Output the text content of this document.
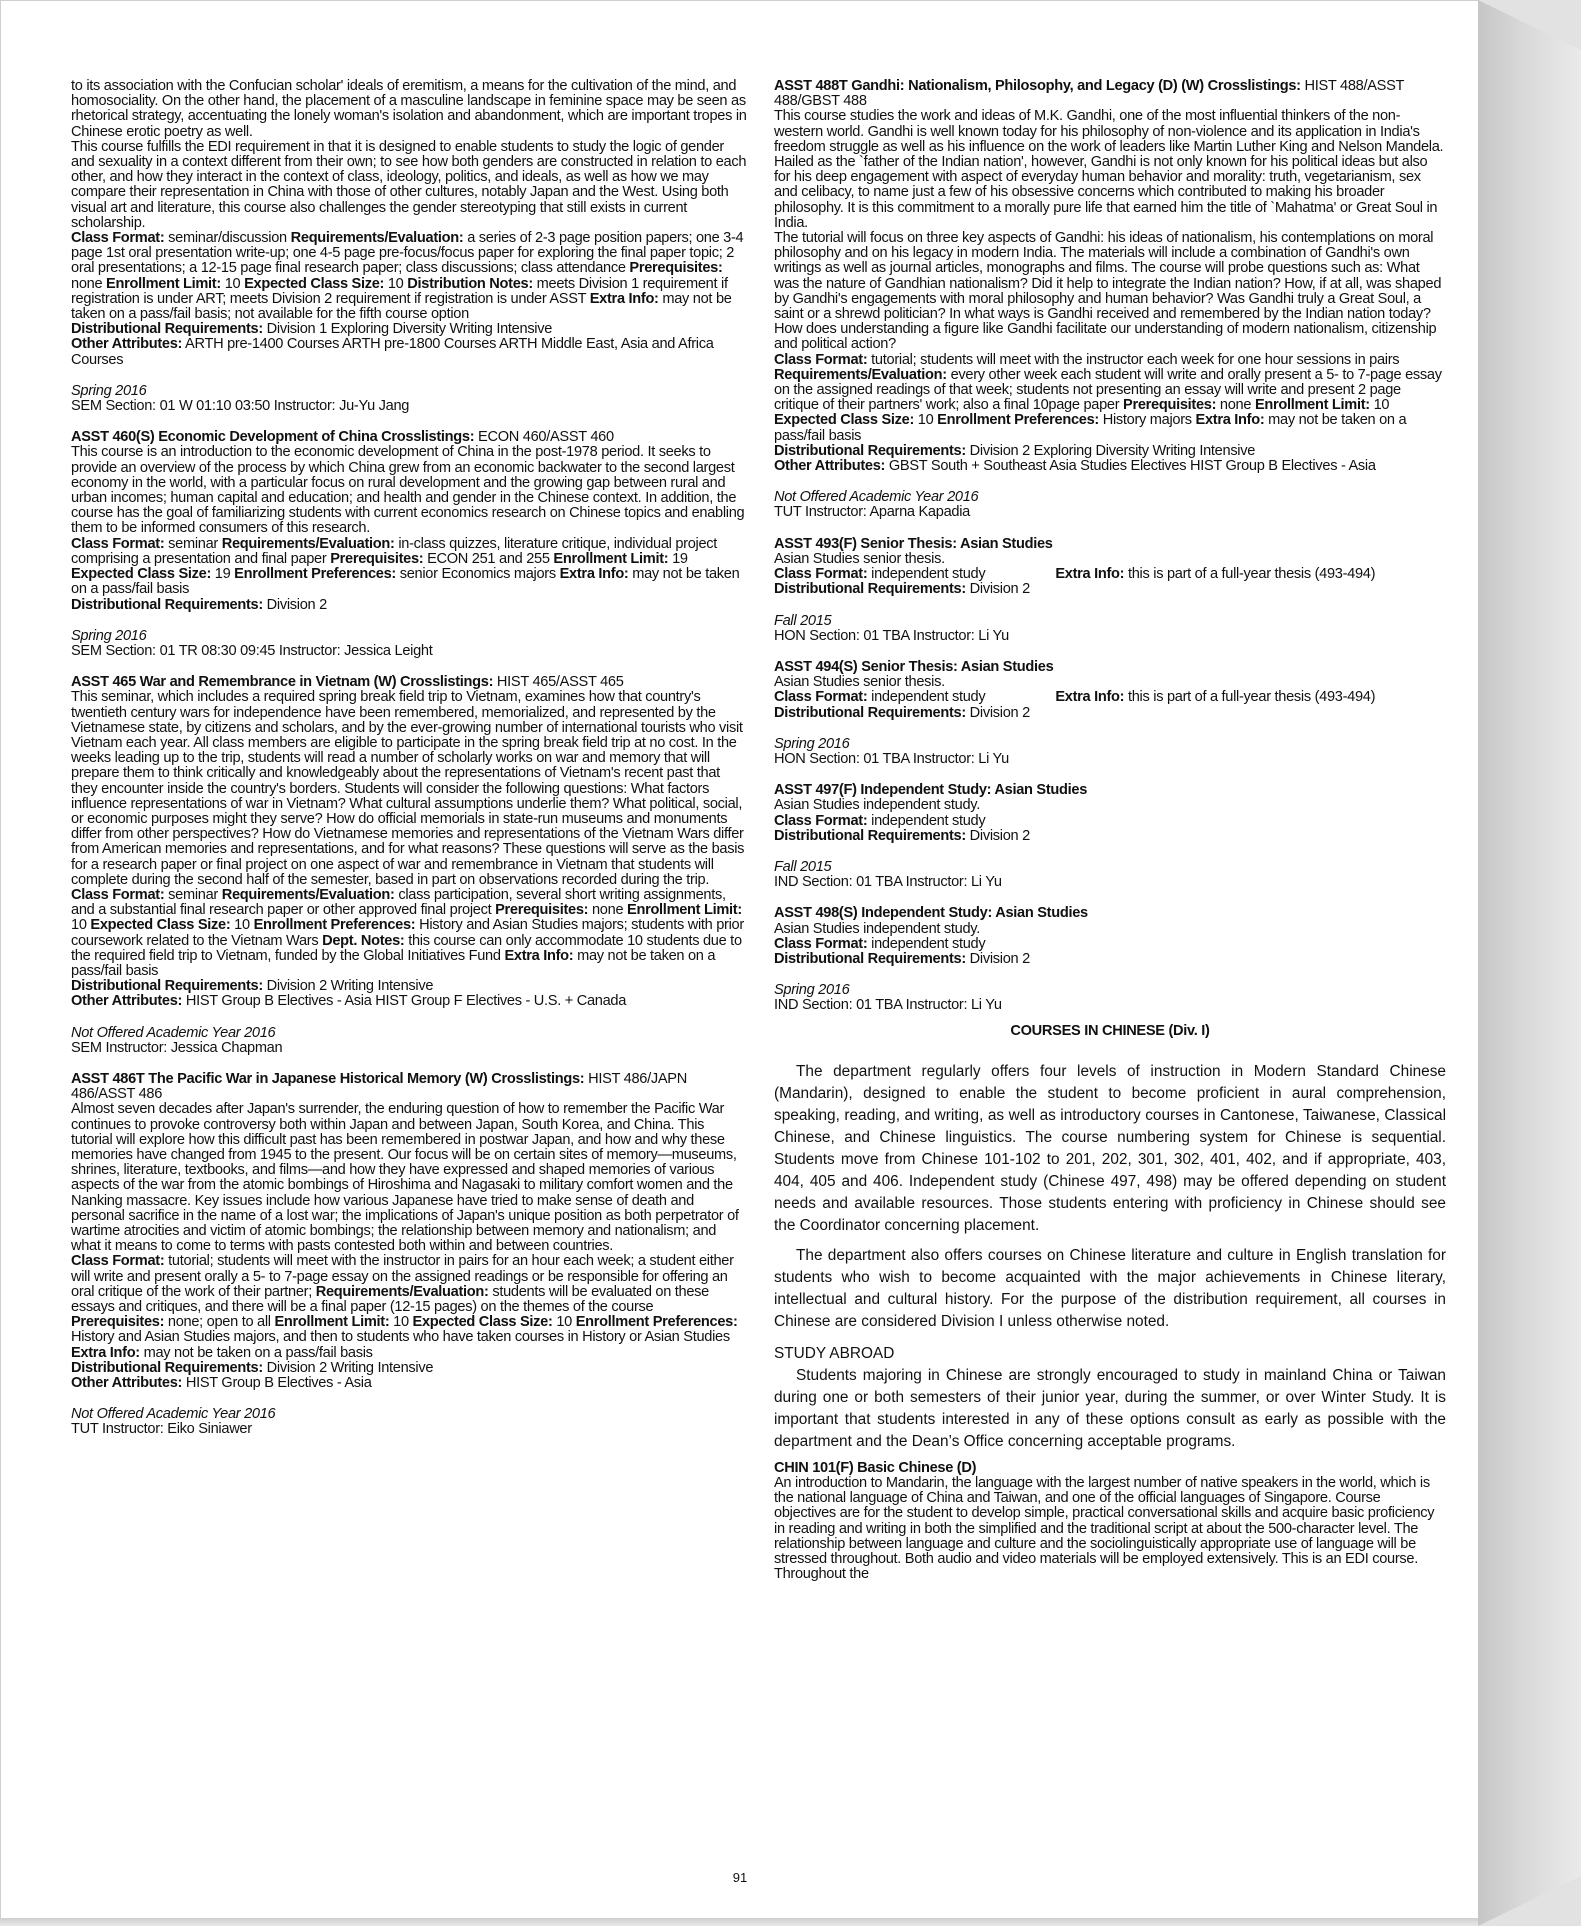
to its association with the Confucian scholar' ideals of eremitism, a means for the cultivation of the mind, and homosociality. On the other hand, the placement of a masculine landscape in feminine space may be seen as rhetorical strategy, accentuating the lonely woman's isolation and abandonment, which are important tropes in Chinese erotic poetry as well.

This course fulfills the EDI requirement in that it is designed to enable students to study the logic of gender and sexuality in a context different from their own; to see how both genders are constructed in relation to each other, and how they interact in the context of class, ideology, politics, and ideals, as well as how we may compare their representation in China with those of other cultures, notably Japan and the West. Using both visual art and literature, this course also challenges the gender stereotyping that still exists in current scholarship.

Class Format: seminar/discussion Requirements/Evaluation: a series of 2-3 page position papers; one 3-4 page 1st oral presentation write-up; one 4-5 page pre-focus/focus paper for exploring the final paper topic; 2 oral presentations; a 12-15 page final research paper; class discussions; class attendance Prerequisites: none Enrollment Limit: 10 Expected Class Size: 10 Distribution Notes: meets Division 1 requirement if registration is under ART; meets Division 2 requirement if registration is under ASST Extra Info: may not be taken on a pass/fail basis; not available for the fifth course option

Distributional Requirements: Division 1 Exploring Diversity Writing Intensive

Other Attributes: ARTH pre-1400 Courses ARTH pre-1800 Courses ARTH Middle East, Asia and Africa Courses

Spring 2016

SEM Section: 01 W 01:10 03:50 Instructor: Ju-Yu Jang

ASST 460(S) Economic Development of China Crosslistings: ECON 460/ASST 460

This course is an introduction to the economic development of China in the post-1978 period. It seeks to provide an overview of the process by which China grew from an economic backwater to the second largest economy in the world, with a particular focus on rural development and the growing gap between rural and urban incomes; human capital and education; and health and gender in the Chinese context. In addition, the course has the goal of familiarizing students with current economics research on Chinese topics and enabling them to be informed consumers of this research.

Class Format: seminar Requirements/Evaluation: in-class quizzes, literature critique, individual project comprising a presentation and final paper Prerequisites: ECON 251 and 255 Enrollment Limit: 19 Expected Class Size: 19 Enrollment Preferences: senior Economics majors Extra Info: may not be taken on a pass/fail basis

Distributional Requirements: Division 2

Spring 2016

SEM Section: 01 TR 08:30 09:45 Instructor: Jessica Leight

ASST 465 War and Remembrance in Vietnam (W) Crosslistings: HIST 465/ASST 465

This seminar, which includes a required spring break field trip to Vietnam, examines how that country's twentieth century wars for independence have been remembered, memorialized, and represented by the Vietnamese state, by citizens and scholars, and by the ever-growing number of international tourists who visit Vietnam each year. All class members are eligible to participate in the spring break field trip at no cost. In the weeks leading up to the trip, students will read a number of scholarly works on war and memory that will prepare them to think critically and knowledgeably about the representations of Vietnam's recent past that they encounter inside the country's borders. Students will consider the following questions: What factors influence representations of war in Vietnam? What cultural assumptions underlie them? What political, social, or economic purposes might they serve? How do official memorials in state-run museums and monuments differ from other perspectives? How do Vietnamese memories and representations of the Vietnam Wars differ from American memories and representations, and for what reasons? These questions will serve as the basis for a research paper or final project on one aspect of war and remembrance in Vietnam that students will complete during the second half of the semester, based in part on observations recorded during the trip.

Class Format: seminar Requirements/Evaluation: class participation, several short writing assignments, and a substantial final research paper or other approved final project Prerequisites: none Enrollment Limit: 10 Expected Class Size: 10 Enrollment Preferences: History and Asian Studies majors; students with prior coursework related to the Vietnam Wars Dept. Notes: this course can only accommodate 10 students due to the required field trip to Vietnam, funded by the Global Initiatives Fund Extra Info: may not be taken on a pass/fail basis

Distributional Requirements: Division 2 Writing Intensive

Other Attributes: HIST Group B Electives - Asia HIST Group F Electives - U.S. + Canada

Not Offered Academic Year 2016

SEM Instructor: Jessica Chapman

ASST 486T The Pacific War in Japanese Historical Memory (W) Crosslistings: HIST 486/JAPN 486/ASST 486

Almost seven decades after Japan's surrender, the enduring question of how to remember the Pacific War continues to provoke controversy both within Japan and between Japan, South Korea, and China. This tutorial will explore how this difficult past has been remembered in postwar Japan, and how and why these memories have changed from 1945 to the present. Our focus will be on certain sites of memory—museums, shrines, literature, textbooks, and films—and how they have expressed and shaped memories of various aspects of the war from the atomic bombings of Hiroshima and Nagasaki to military comfort women and the Nanking massacre. Key issues include how various Japanese have tried to make sense of death and personal sacrifice in the name of a lost war; the implications of Japan's unique position as both perpetrator of wartime atrocities and victim of atomic bombings; the relationship between memory and nationalism; and what it means to come to terms with pasts contested both within and between countries.

Class Format: tutorial; students will meet with the instructor in pairs for an hour each week; a student either will write and present orally a 5- to 7-page essay on the assigned readings or be responsible for offering an oral critique of the work of their partner; Requirements/Evaluation: students will be evaluated on these essays and critiques, and there will be a final paper (12-15 pages) on the themes of the course Prerequisites: none; open to all Enrollment Limit: 10 Expected Class Size: 10 Enrollment Preferences: History and Asian Studies majors, and then to students who have taken courses in History or Asian Studies Extra Info: may not be taken on a pass/fail basis

Distributional Requirements: Division 2 Writing Intensive

Other Attributes: HIST Group B Electives - Asia

Not Offered Academic Year 2016

TUT Instructor: Eiko Siniawer

ASST 488T Gandhi: Nationalism, Philosophy, and Legacy (D) (W) Crosslistings: HIST 488/ASST 488/GBST 488

This course studies the work and ideas of M.K. Gandhi, one of the most influential thinkers of the non-western world. Gandhi is well known today for his philosophy of non-violence and its application in India's freedom struggle as well as his influence on the work of leaders like Martin Luther King and Nelson Mandela. Hailed as the `father of the Indian nation', however, Gandhi is not only known for his political ideas but also for his deep engagement with aspect of everyday human behavior and morality: truth, vegetarianism, sex and celibacy, to name just a few of his obsessive concerns which contributed to making his broader philosophy. It is this commitment to a morally pure life that earned him the title of `Mahatma' or Great Soul in India.

The tutorial will focus on three key aspects of Gandhi: his ideas of nationalism, his contemplations on moral philosophy and on his legacy in modern India. The materials will include a combination of Gandhi's own writings as well as journal articles, monographs and films. The course will probe questions such as: What was the nature of Gandhian nationalism? Did it help to integrate the Indian nation? How, if at all, was shaped by Gandhi's engagements with moral philosophy and human behavior? Was Gandhi truly a Great Soul, a saint or a shrewd politician? In what ways is Gandhi received and remembered by the Indian nation today? How does understanding a figure like Gandhi facilitate our understanding of modern nationalism, citizenship and political action?

Class Format: tutorial; students will meet with the instructor each week for one hour sessions in pairs Requirements/Evaluation: every other week each student will write and orally present a 5- to 7-page essay on the assigned readings of that week; students not presenting an essay will write and present 2 page critique of their partners' work; also a final 10page paper Prerequisites: none Enrollment Limit: 10 Expected Class Size: 10 Enrollment Preferences: History majors Extra Info: may not be taken on a pass/fail basis

Distributional Requirements: Division 2 Exploring Diversity Writing Intensive

Other Attributes: GBST South + Southeast Asia Studies Electives HIST Group B Electives - Asia

Not Offered Academic Year 2016

TUT Instructor: Aparna Kapadia

ASST 493(F) Senior Thesis: Asian Studies

Asian Studies senior thesis.

Class Format: independent study	Extra Info: this is part of a full-year thesis (493-494)

Distributional Requirements: Division 2

Fall 2015

HON Section: 01 TBA Instructor: Li Yu

ASST 494(S) Senior Thesis: Asian Studies

Asian Studies senior thesis.

Class Format: independent study	Extra Info: this is part of a full-year thesis (493-494)

Distributional Requirements: Division 2

Spring 2016

HON Section: 01 TBA Instructor: Li Yu

ASST 497(F) Independent Study: Asian Studies

Asian Studies independent study.

Class Format: independent study

Distributional Requirements: Division 2

Fall 2015

IND Section: 01 TBA Instructor: Li Yu

ASST 498(S) Independent Study: Asian Studies

Asian Studies independent study.

Class Format: independent study

Distributional Requirements: Division 2

Spring 2016

IND Section: 01 TBA Instructor: Li Yu

COURSES IN CHINESE (Div. I)

The department regularly offers four levels of instruction in Modern Standard Chinese (Mandarin), designed to enable the student to become proficient in aural comprehension, speaking, reading, and writing, as well as introductory courses in Cantonese, Taiwanese, Classical Chinese, and Chinese linguistics. The course numbering system for Chinese is sequential. Students move from Chinese 101-102 to 201, 202, 301, 302, 401, 402, and if appropriate, 403, 404, 405 and 406. Independent study (Chinese 497, 498) may be offered depending on student needs and available resources. Those students entering with proficiency in Chinese should see the Coordinator concerning placement.

The department also offers courses on Chinese literature and culture in English translation for students who wish to become acquainted with the major achievements in Chinese literary, intellectual and cultural history. For the purpose of the distribution requirement, all courses in Chinese are considered Division I unless otherwise noted.

STUDY ABROAD

Students majoring in Chinese are strongly encouraged to study in mainland China or Taiwan during one or both semesters of their junior year, during the summer, or over Winter Study. It is important that students interested in any of these options consult as early as possible with the department and the Dean’s Office concerning acceptable programs.

CHIN 101(F) Basic Chinese (D)

An introduction to Mandarin, the language with the largest number of native speakers in the world, which is the national language of China and Taiwan, and one of the official languages of Singapore. Course objectives are for the student to develop simple, practical conversational skills and acquire basic proficiency in reading and writing in both the simplified and the traditional script at about the 500-character level. The relationship between language and culture and the sociolinguistically appropriate use of language will be stressed throughout. Both audio and video materials will be employed extensively. This is an EDI course. Throughout the

91
